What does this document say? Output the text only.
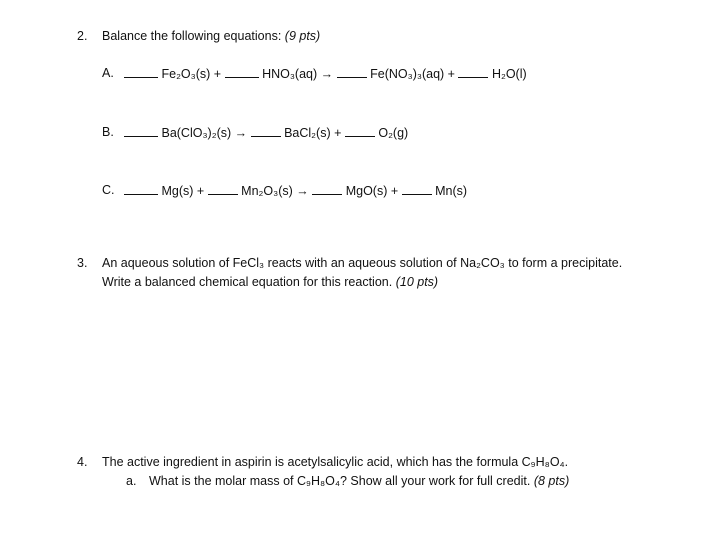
2. Balance the following equations: (9 pts)
A.	Fe₂O₃(s) +	HNO₃(aq) →	Fe(NO₃)₃(aq) +	H₂O(l)
B.	Ba(ClO₃)₂(s) →	BaCl₂(s) +	O₂(g)
C.	Mg(s) +	Mn₂O₃(s) →	MgO(s) +	Mn(s)
3. An aqueous solution of FeCl₃ reacts with an aqueous solution of Na₂CO₃ to form a precipitate.
Write a balanced chemical equation for this reaction. (10 pts)
4. The active ingredient in aspirin is acetylsalicylic acid, which has the formula C₉H₈O₄.
a. What is the molar mass of C₉H₈O₄? Show all your work for full credit. (8 pts)
